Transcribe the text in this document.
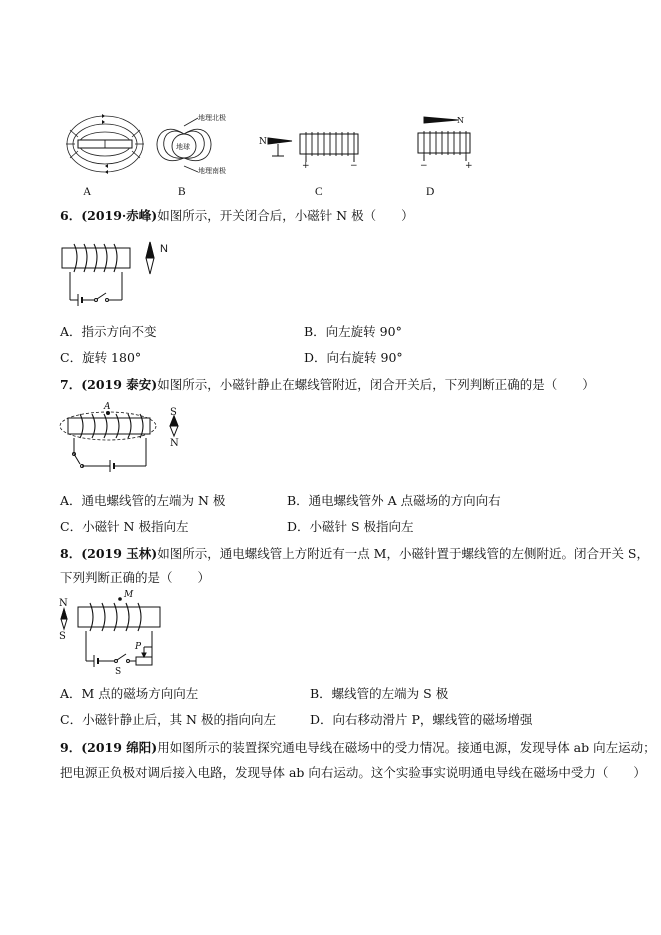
A
地球
地理北极
地理南极
B
N
+	−
C
N
−	+
D
6．(2019·赤峰)如图所示，开关闭合后，小磁针 N 极（　　）
N
A．指示方向不变	B．向左旋转 90°
C．旋转 180°	D．向右旋转 90°
7．(2019 泰安)如图所示，小磁针静止在螺线管附近，闭合开关后，下列判断正确的是（　　）
A	S
N
A．通电螺线管的左端为 N 极	B．通电螺线管外 A 点磁场的方向向右
C．小磁针 N 极指向左	D．小磁针 S 极指向左
8．(2019 玉林)如图所示，通电螺线管上方附近有一点 M，小磁针置于螺线管的左侧附近。闭合开关 S，
下列判断正确的是（　　）
M
N
S
P
S
A．M 点的磁场方向向左	B．螺线管的左端为 S 极
C．小磁针静止后，其 N 极的指向向左	D．向右移动滑片 P，螺线管的磁场增强
9．(2019 绵阳)用如图所示的装置探究通电导线在磁场中的受力情况。接通电源，发现导体 ab 向左运动；
把电源正负极对调后接入电路，发现导体 ab 向右运动。这个实验事实说明通电导线在磁场中受力（　　）
